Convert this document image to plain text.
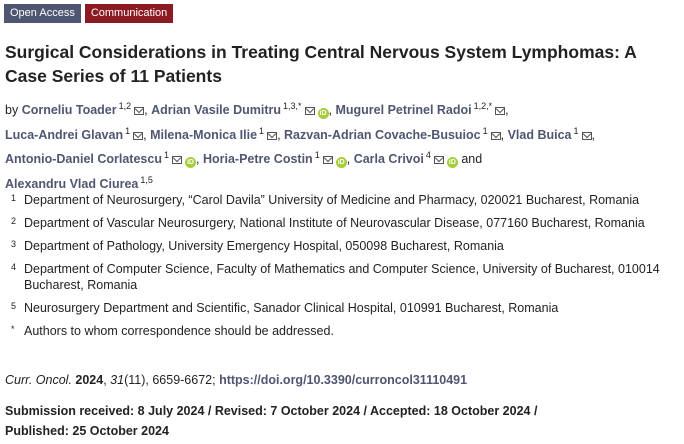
Open Access	Communication
Surgical Considerations in Treating Central Nervous System Lymphomas: A Case Series of 11 Patients
by Corneliu Toader $^{1,2}$ , Adrian Vasile Dumitru $^{1,3,*}$iD , Mugurel Petrinel Radoi $^{1,2,*}$ ,
Luca-Andrei Glavan $^1$ , Milena-Monica Ilie $^1$ , Razvan-Adrian Covache-Busuioc $^1$ , Vlad Buica $^1$ ,
Antonio-Daniel Corlatescu $^1$iD , Horia-Petre Costin $^1$iD , Carla Crivoi $^4$iD and
Alexandru Vlad Ciurea $^{1,5}$
1 Department of Neurosurgery, “Carol Davila” University of Medicine and Pharmacy, 020021 Bucharest, Romania
2 Department of Vascular Neurosurgery, National Institute of Neurovascular Disease, 077160 Bucharest, Romania
3 Department of Pathology, University Emergency Hospital, 050098 Bucharest, Romania
4 Department of Computer Science, Faculty of Mathematics and Computer Science, University of Bucharest, 010014 Bucharest, Romania
5 Neurosurgery Department and Scientific, Sanador Clinical Hospital, 010991 Bucharest, Romania
* Authors to whom correspondence should be addressed.
Curr. Oncol. 2024, 31(11), 6659-6672; https://doi.org/10.3390/curroncol31110491
Submission received: 8 July 2024 / Revised: 7 October 2024 / Accepted: 18 October 2024 /
Published: 25 October 2024
